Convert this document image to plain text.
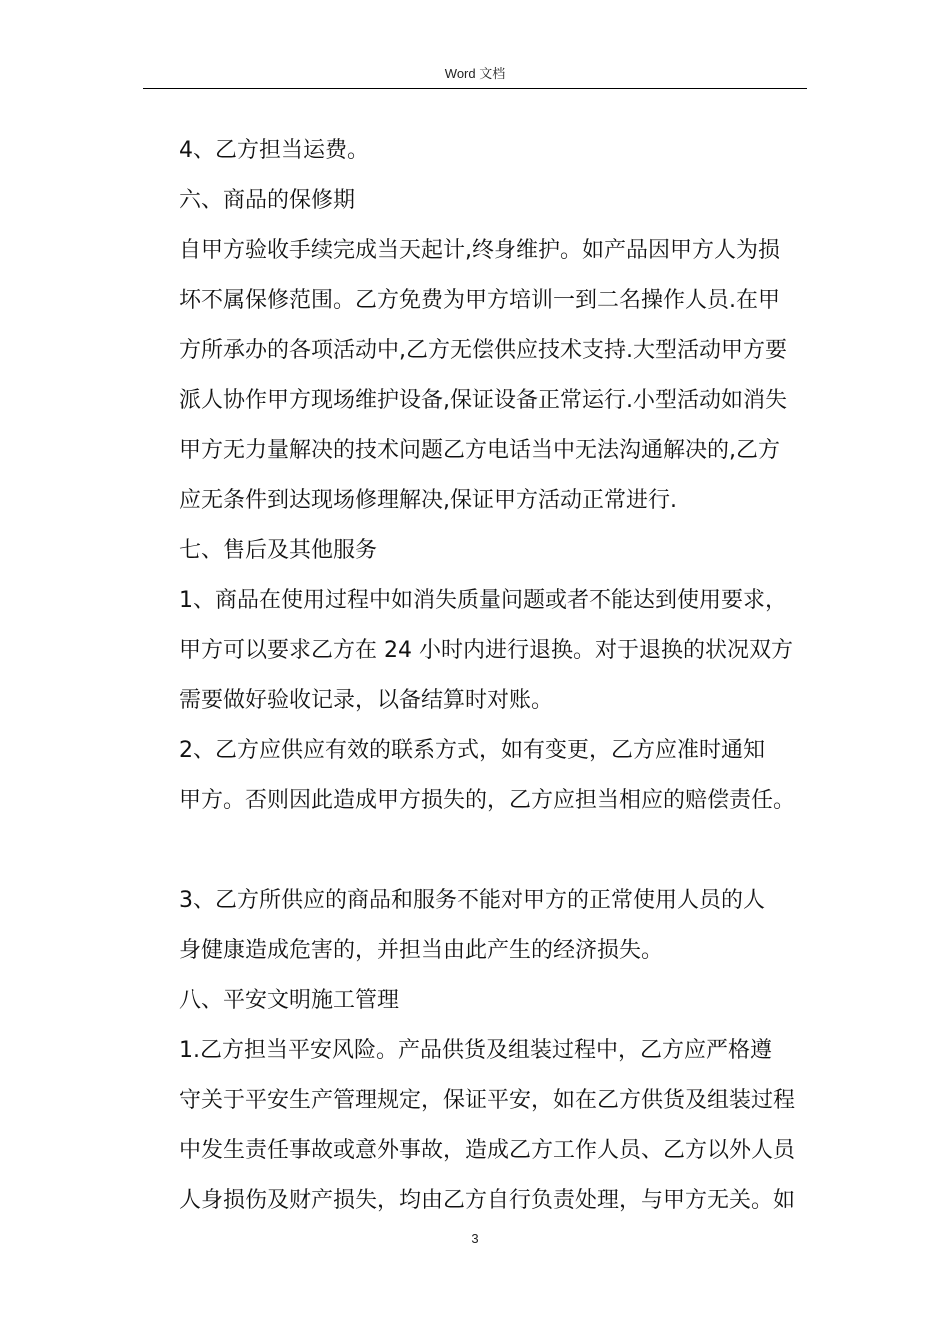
Word 文档
4、乙方担当运费。
六、商品的保修期
自甲方验收手续完成当天起计,终身维护。如产品因甲方人为损
坏不属保修范围。乙方免费为甲方培训一到二名操作人员.在甲
方所承办的各项活动中,乙方无偿供应技术支持.大型活动甲方要
派人协作甲方现场维护设备,保证设备正常运行.小型活动如消失
甲方无力量解决的技术问题乙方电话当中无法沟通解决的,乙方
应无条件到达现场修理解决,保证甲方活动正常进行.
七、售后及其他服务
1、商品在使用过程中如消失质量问题或者不能达到使用要求，
甲方可以要求乙方在 24 小时内进行退换。对于退换的状况双方
需要做好验收记录，以备结算时对账。
2、乙方应供应有效的联系方式，如有变更，乙方应准时通知
甲方。否则因此造成甲方损失的，乙方应担当相应的赔偿责任。
3、乙方所供应的商品和服务不能对甲方的正常使用人员的人
身健康造成危害的，并担当由此产生的经济损失。
八、平安文明施工管理
1.乙方担当平安风险。产品供货及组装过程中，乙方应严格遵
守关于平安生产管理规定，保证平安，如在乙方供货及组装过程
中发生责任事故或意外事故，造成乙方工作人员、乙方以外人员
人身损伤及财产损失，均由乙方自行负责处理，与甲方无关。如
3
